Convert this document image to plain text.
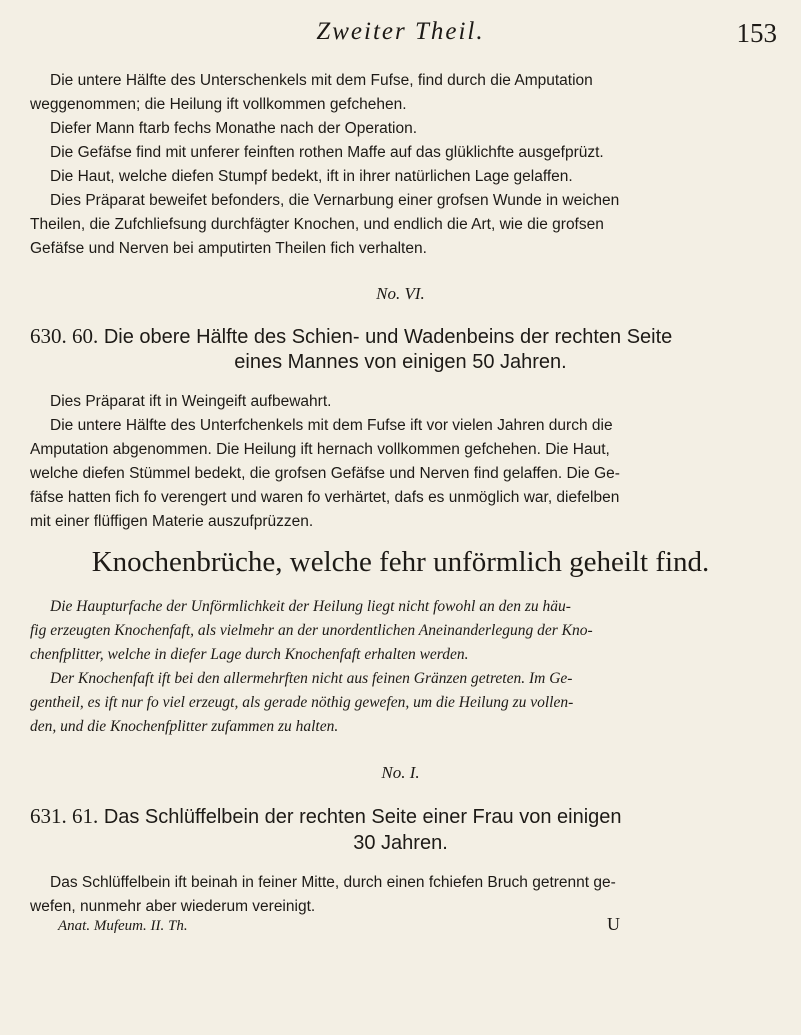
Zweiter Theil.	153
Die untere Hälfte des Unterschenkels mit dem Fufse, find durch die Amputation
weggenommen; die Heilung ift vollkommen gefchehen.
Diefer Mann ftarb fechs Monathe nach der Operation.
Die Gefäfse find mit unferer feinften rothen Maffe auf das glüklichfte ausgefprüzt.
Die Haut, welche diefen Stumpf bedekt, ift in ihrer natürlichen Lage gelaffen.
Dies Präparat beweifet befonders, die Vernarbung einer grofsen Wunde in weichen
Theilen, die Zufchliefsung durchfägter Knochen, und endlich die Art, wie die grofsen
Gefäfse und Nerven bei amputirten Theilen fich verhalten.
No. VI.
630. 60. Die obere Hälfte des Schien- und Wadenbeins der rechten Seite
eines Mannes von einigen 50 Jahren.
Dies Präparat ift in Weingeift aufbewahrt.
Die untere Hälfte des Unterfchenkels mit dem Fufse ift vor vielen Jahren durch die
Amputation abgenommen. Die Heilung ift hernach vollkommen gefchehen. Die Haut,
welche diefen Stümmel bedekt, die grofsen Gefäfse und Nerven find gelaffen. Die Ge-
fäfse hatten fich fo verengert und waren fo verhärtet, dafs es unmöglich war, diefelben
mit einer flüffigen Materie auszufprüzzen.
Knochenbrüche, welche fehr unförmlich geheilt find.
Die Haupturfache der Unförmlichkeit der Heilung liegt nicht fowohl an den zu häu-
fig erzeugten Knochenfaft, als vielmehr an der unordentlichen Aneinanderlegung der Kno-
chenfplitter, welche in diefer Lage durch Knochenfaft erhalten werden.
Der Knochenfaft ift bei den allermehrften nicht aus feinen Gränzen getreten. Im Ge-
gentheil, es ift nur fo viel erzeugt, als gerade nöthig gewefen, um die Heilung zu vollen-
den, und die Knochenfplitter zufammen zu halten.
No. I.
631. 61. Das Schlüffelbein der rechten Seite einer Frau von einigen
30 Jahren.
Das Schlüffelbein ift beinah in feiner Mitte, durch einen fchiefen Bruch getrennt ge-
wefen, nunmehr aber wiederum vereinigt.
Anat. Mufeum. II. Th.	U
